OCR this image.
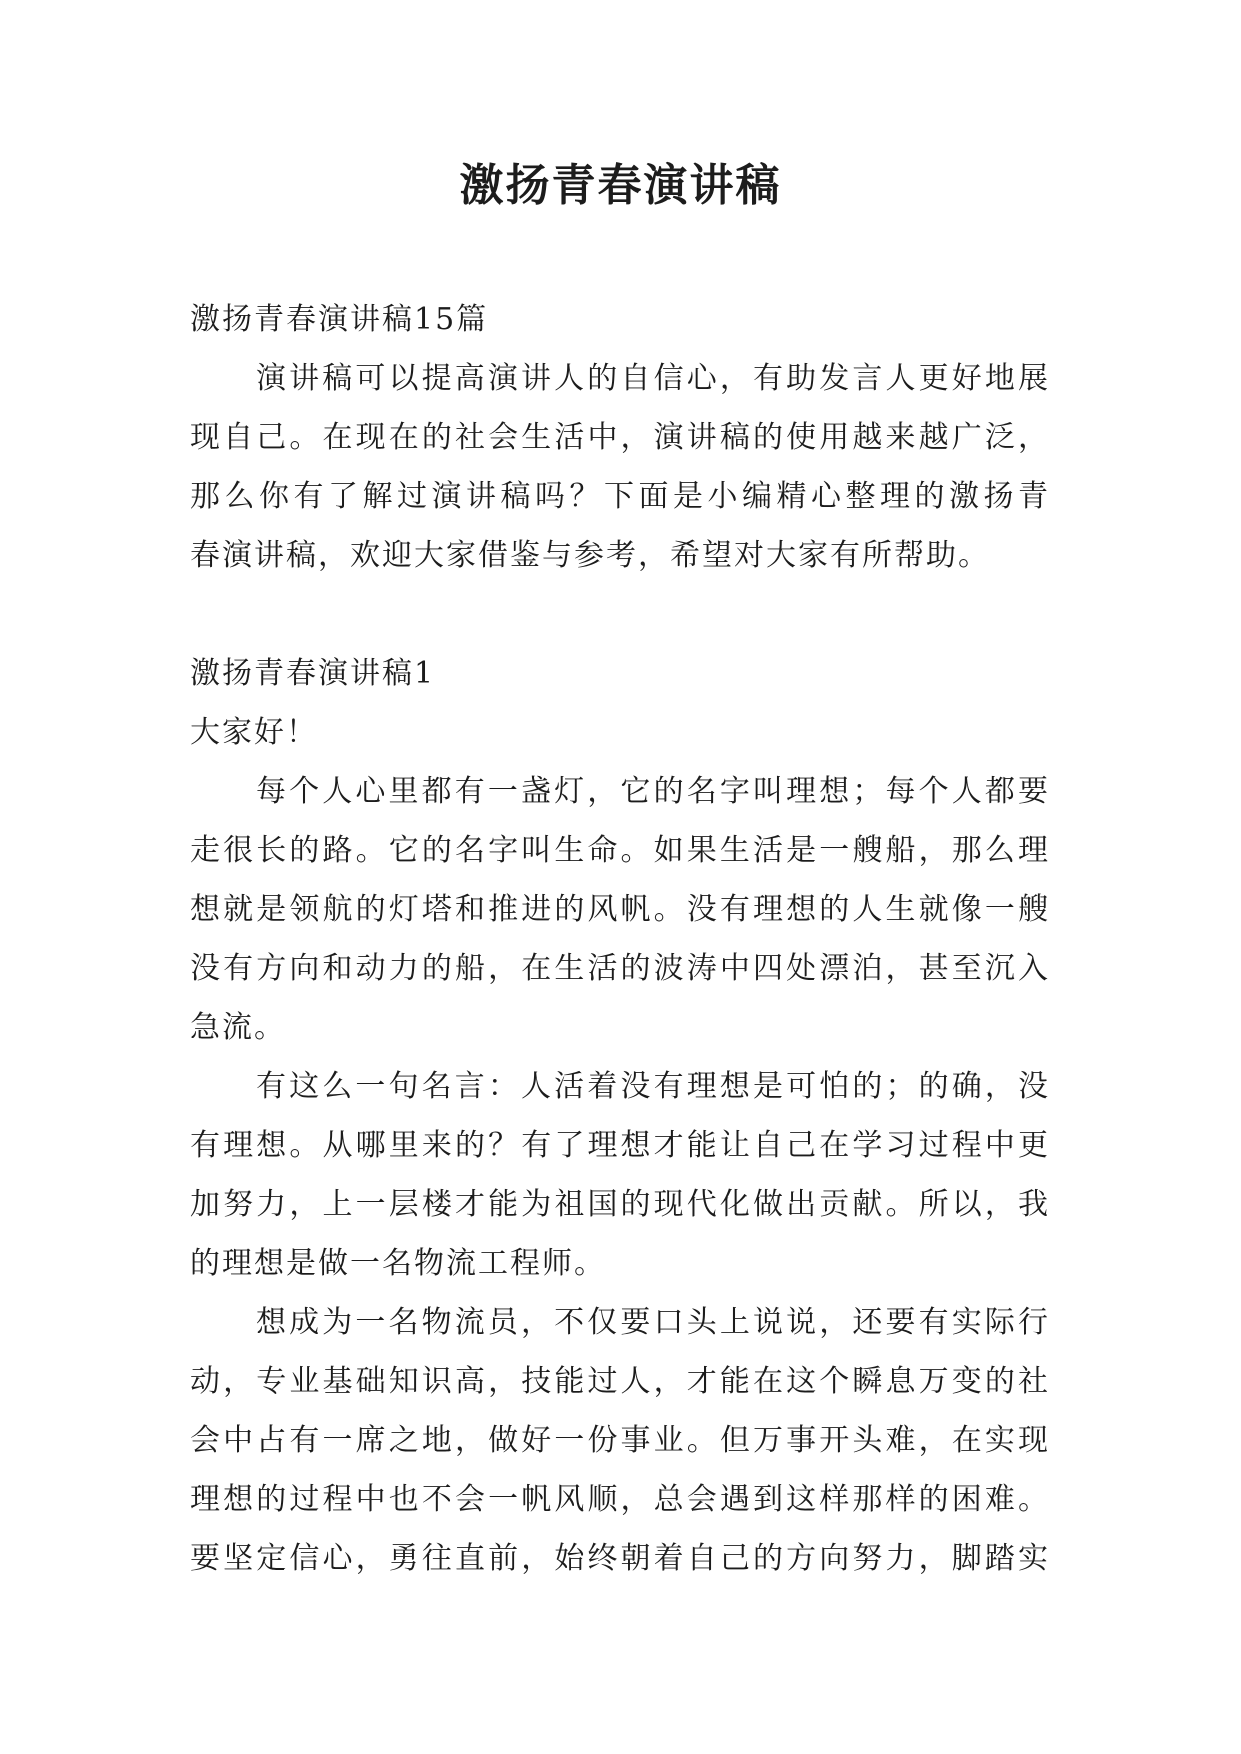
激扬青春演讲稿
激扬青春演讲稿15篇
演讲稿可以提高演讲人的自信心，有助发言人更好地展
现自己。在现在的社会生活中，演讲稿的使用越来越广泛，
那么你有了解过演讲稿吗？下面是小编精心整理的激扬青
春演讲稿，欢迎大家借鉴与参考，希望对大家有所帮助。
激扬青春演讲稿1
大家好！
每个人心里都有一盏灯，它的名字叫理想；每个人都要
走很长的路。它的名字叫生命。如果生活是一艘船，那么理
想就是领航的灯塔和推进的风帆。没有理想的人生就像一艘
没有方向和动力的船，在生活的波涛中四处漂泊，甚至沉入
急流。
有这么一句名言：人活着没有理想是可怕的；的确，没
有理想。从哪里来的？有了理想才能让自己在学习过程中更
加努力，上一层楼才能为祖国的现代化做出贡献。所以，我
的理想是做一名物流工程师。
想成为一名物流员，不仅要口头上说说，还要有实际行
动，专业基础知识高，技能过人，才能在这个瞬息万变的社
会中占有一席之地，做好一份事业。但万事开头难，在实现
理想的过程中也不会一帆风顺，总会遇到这样那样的困难。
要坚定信心，勇往直前，始终朝着自己的方向努力，脚踏实
